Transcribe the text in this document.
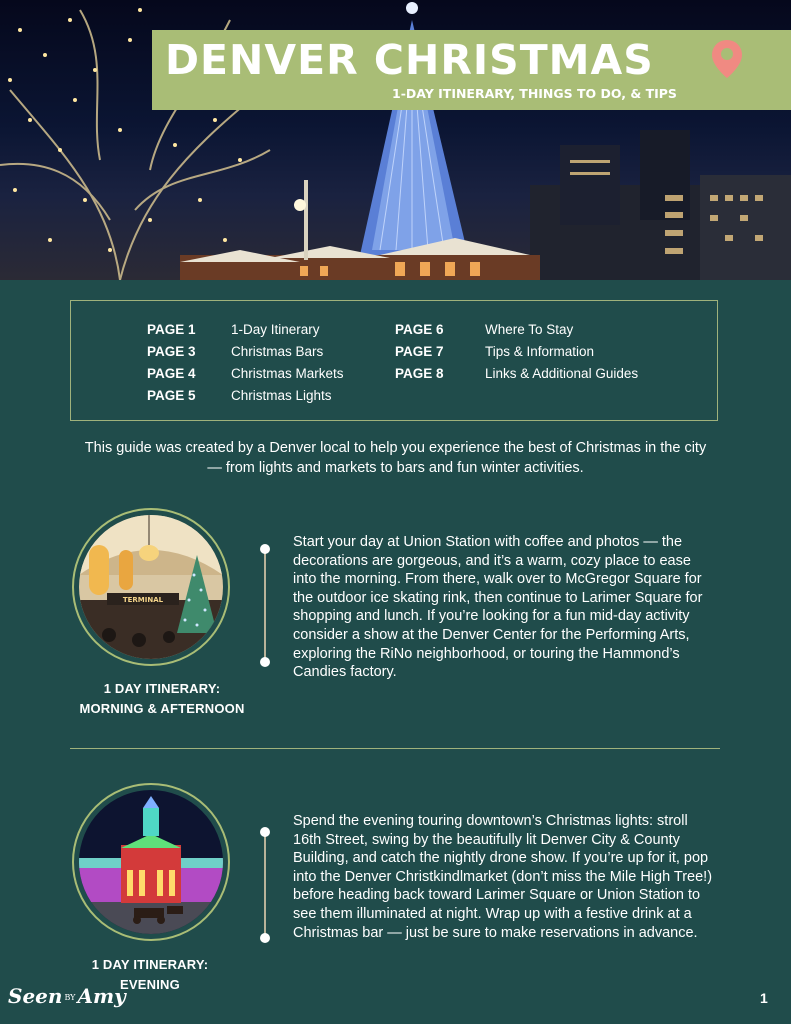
DENVER CHRISTMAS
1-DAY ITINERARY, THINGS TO DO, & TIPS
PAGE 1	1-Day Itinerary
PAGE 3	Christmas Bars
PAGE 4	Christmas Markets
PAGE 5	Christmas Lights
PAGE 6	Where To Stay
PAGE 7	Tips & Information
PAGE 8	Links & Additional Guides
This guide was created by a Denver local to help you experience the best of Christmas in the city — from lights and markets to bars and fun winter activities.
TERMINAL
1 DAY ITINERARY:
MORNING & AFTERNOON
Start your day at Union Station with coffee and photos — the decorations are gorgeous, and it’s a warm, cozy place to ease into the morning. From there, walk over to McGregor Square for the outdoor ice skating rink, then continue to Larimer Square for shopping and lunch. If you’re looking for a fun mid-day activity consider a show at the Denver Center for the Performing Arts, exploring the RiNo neighborhood, or touring the Hammond’s Candies factory.
1 DAY ITINERARY:
EVENING
Spend the evening touring downtown’s Christmas lights: stroll 16th Street, swing by the beautifully lit Denver City & County Building, and catch the nightly drone show. If you’re up for it, pop into the Denver Christkindlmarket (don’t miss the Mile High Tree!) before heading back toward Larimer Square or Union Station to see them illuminated at night. Wrap up with a festive drink at a Christmas bar — just be sure to make reservations in advance.
Seen BY Amy	1
